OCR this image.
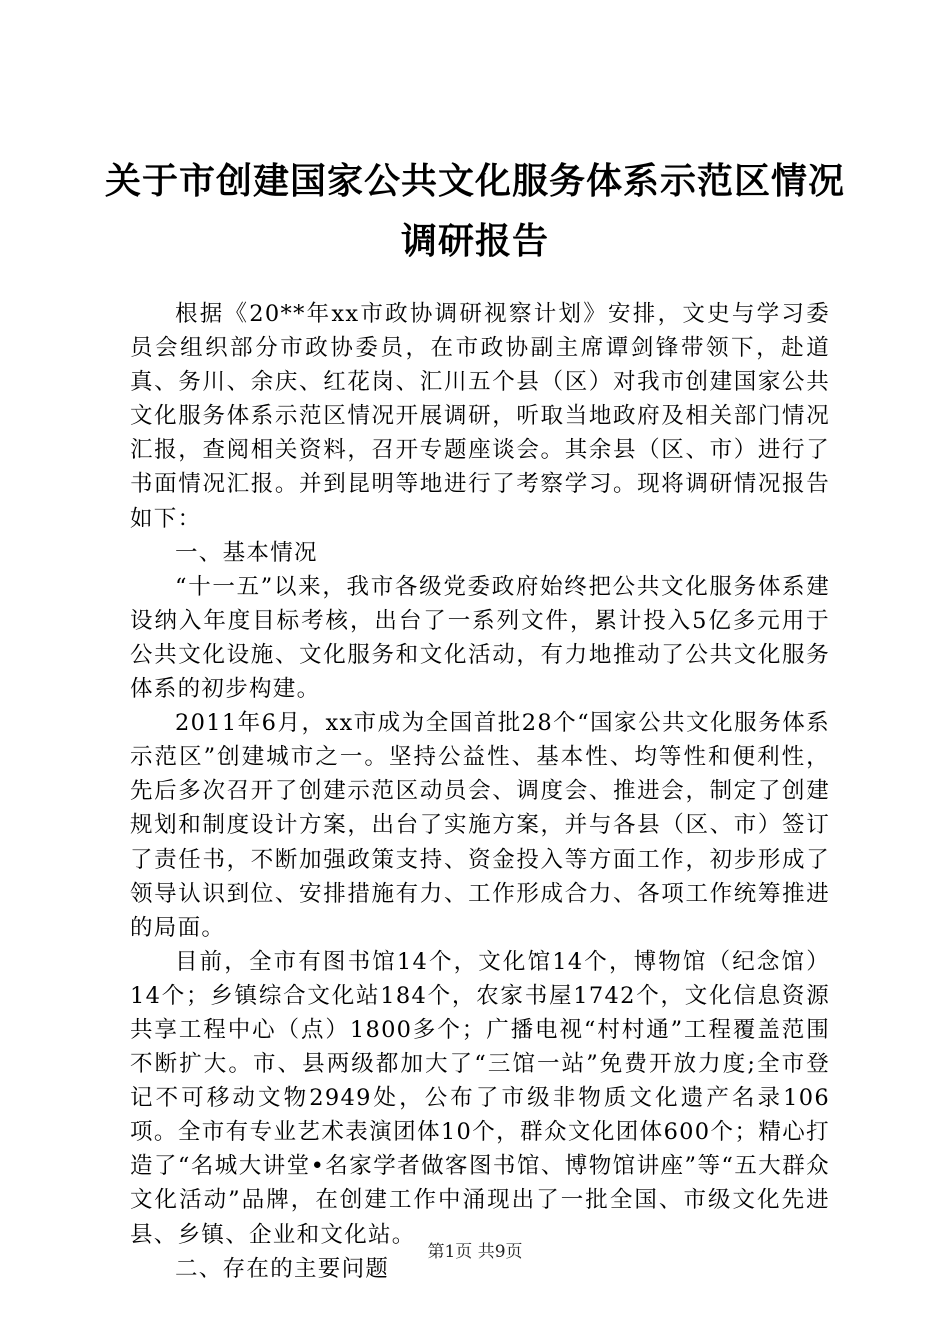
关于市创建国家公共文化服务体系示范区情况
调研报告

根据《20**年xx市政协调研视察计划》安排，文史与学习委员会组织部分市政协委员，在市政协副主席谭剑锋带领下，赴道真、务川、余庆、红花岗、汇川五个县（区）对我市创建国家公共文化服务体系示范区情况开展调研，听取当地政府及相关部门情况汇报，查阅相关资料，召开专题座谈会。其余县（区、市）进行了书面情况汇报。并到昆明等地进行了考察学习。现将调研情况报告如下：

一、基本情况

“十一五”以来，我市各级党委政府始终把公共文化服务体系建设纳入年度目标考核，出台了一系列文件，累计投入5亿多元用于公共文化设施、文化服务和文化活动，有力地推动了公共文化服务体系的初步构建。

2011年6月，xx市成为全国首批28个“国家公共文化服务体系示范区”创建城市之一。坚持公益性、基本性、均等性和便利性，先后多次召开了创建示范区动员会、调度会、推进会，制定了创建规划和制度设计方案，出台了实施方案，并与各县（区、市）签订了责任书，不断加强政策支持、资金投入等方面工作，初步形成了领导认识到位、安排措施有力、工作形成合力、各项工作统筹推进的局面。

目前，全市有图书馆14个，文化馆14个，博物馆（纪念馆）14个；乡镇综合文化站184个，农家书屋1742个，文化信息资源共享工程中心（点）1800多个；广播电视“村村通”工程覆盖范围不断扩大。市、县两级都加大了“三馆一站”免费开放力度;全市登记不可移动文物2949处，公布了市级非物质文化遗产名录106项。全市有专业艺术表演团体10个，群众文化团体600个；精心打造了“名城大讲堂•名家学者做客图书馆、博物馆讲座”等“五大群众文化活动”品牌，在创建工作中涌现出了一批全国、市级文化先进县、乡镇、企业和文化站。

二、存在的主要问题
第1页 共9页
